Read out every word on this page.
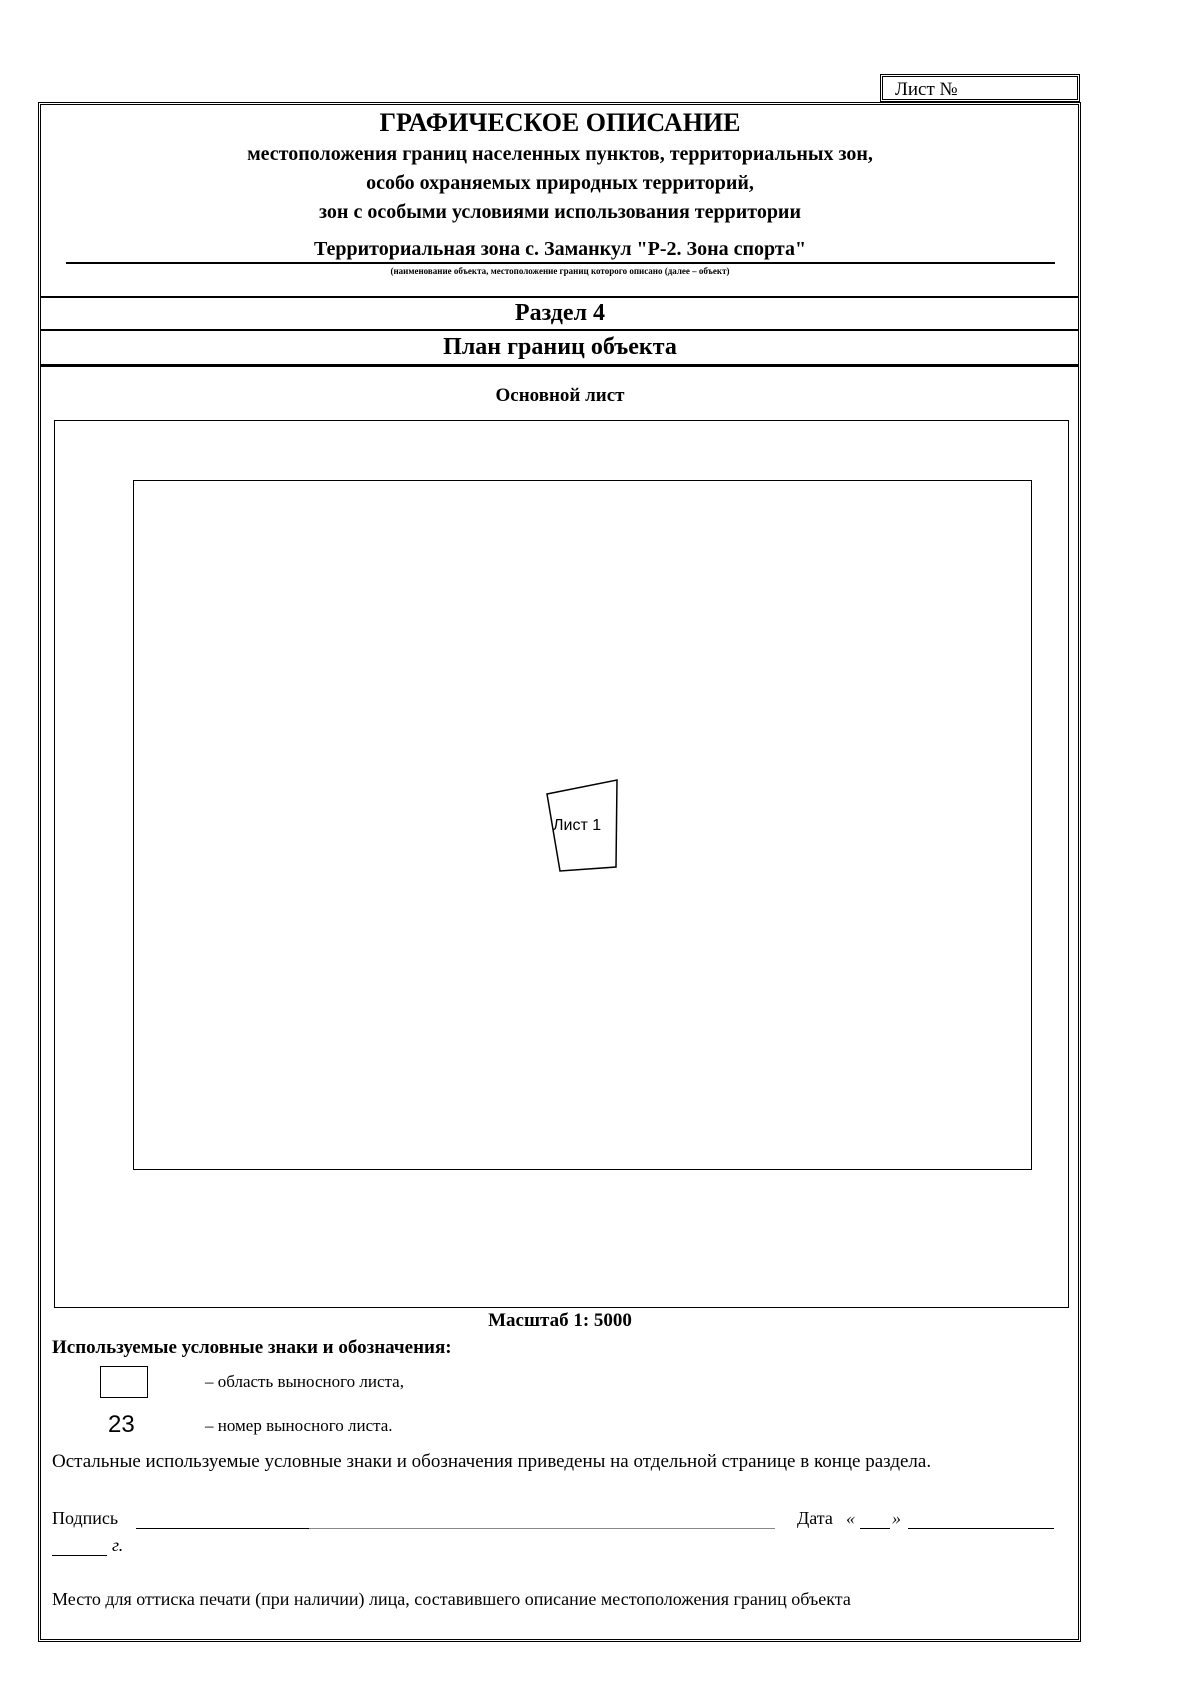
Лист №
ГРАФИЧЕСКОЕ ОПИСАНИЕ
местоположения границ населенных пунктов, территориальных зон,
особо охраняемых природных территорий,
зон с особыми условиями использования территории
Территориальная зона с. Заманкул "Р-2. Зона спорта"
(наименование объекта, местоположение границ которого описано (далее – объект)
Раздел 4
План границ объекта
Основной лист
Лист 1
Масштаб 1: 5000
Используемые условные знаки и обозначения:
– область выносного листа,
23	– номер выносного листа.
Остальные используемые условные знаки и обозначения приведены на отдельной странице в конце раздела.
Подпись	Дата « »
г.
Место для оттиска печати (при наличии) лица, составившего описание местоположения границ объекта
